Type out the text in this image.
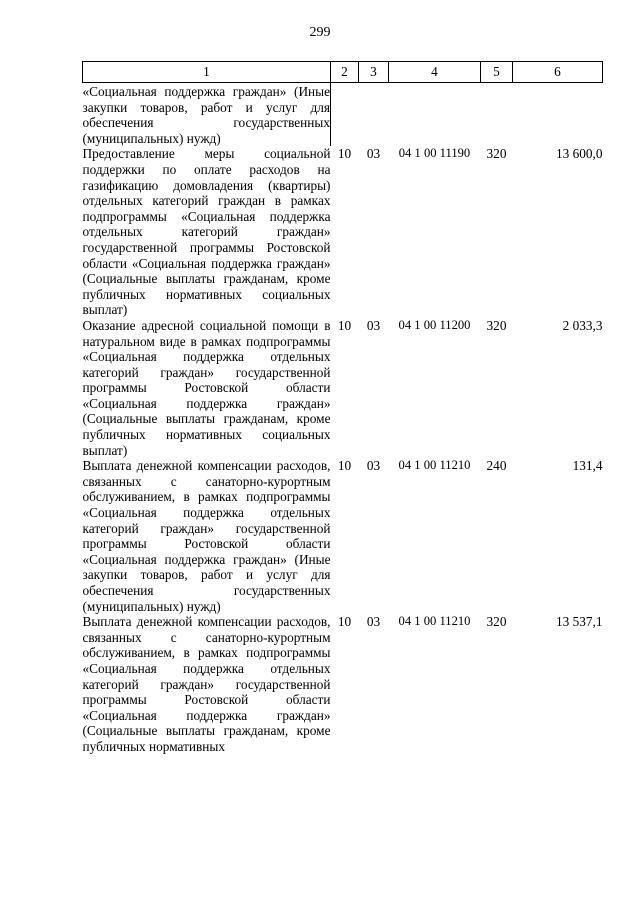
299
1	2	3	4	5	6
«Социальная поддержка граждан» (Иные закупки товаров, работ и услуг для обеспечения государственных (муниципальных) нужд)					
Предоставление меры социальной поддержки по оплате расходов на газификацию домовладения (квартиры) отдельных категорий граждан в рамках подпрограммы «Социальная поддержка отдельных категорий граждан» государственной программы Ростовской области «Социальная поддержка граждан» (Социальные выплаты гражданам, кроме публичных нормативных социальных выплат)	10	03	04 1 00 11190	320	13 600,0
Оказание адресной социальной помощи в натуральном виде в рамках подпрограммы «Социальная поддержка отдельных категорий граждан» государственной программы Ростовской области «Социальная поддержка граждан» (Социальные выплаты гражданам, кроме публичных нормативных социальных выплат)	10	03	04 1 00 11200	320	2 033,3
Выплата денежной компенсации расходов, связанных с санаторно-курортным обслуживанием, в рамках подпрограммы «Социальная поддержка отдельных категорий граждан» государственной программы Ростовской области «Социальная поддержка граждан» (Иные закупки товаров, работ и услуг для обеспечения государственных (муниципальных) нужд)	10	03	04 1 00 11210	240	131,4
Выплата денежной компенсации расходов, связанных с санаторно-курортным обслуживанием, в рамках подпрограммы «Социальная поддержка отдельных категорий граждан» государственной программы Ростовской области «Социальная поддержка граждан» (Социальные выплаты гражданам, кроме публичных нормативных	10	03	04 1 00 11210	320	13 537,1
